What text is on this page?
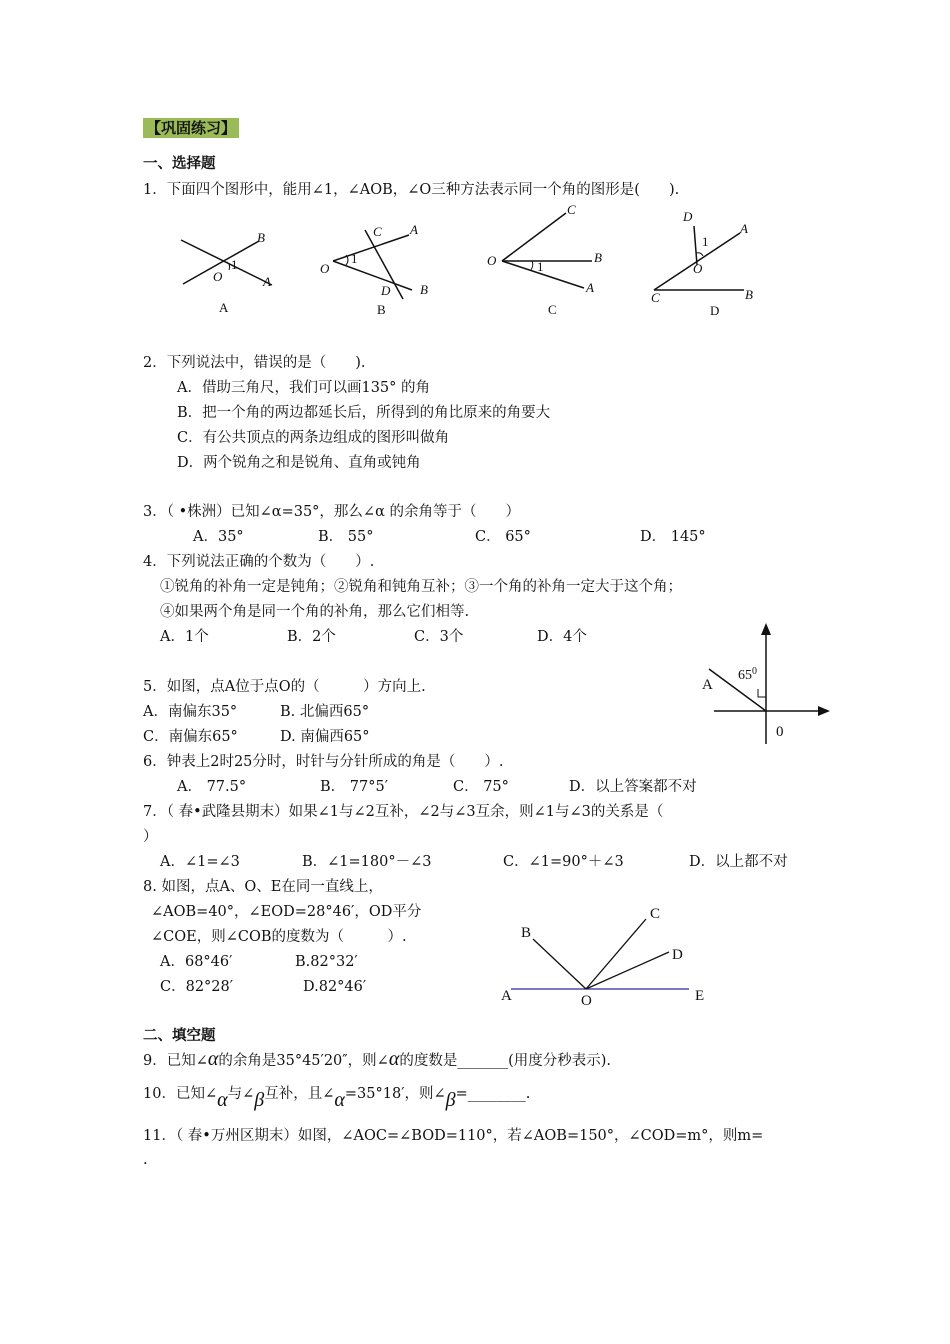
【巩固练习】
一、选择题
1．下面四个图形中，能用∠1，∠AOB，∠O三种方法表示同一个角的图形是(　　).
B
1
O	A
A
C A
O
1
D B
B
C
O	1
B
A
C
D
1
A
O
C	B
D
2．下列说法中，错误的是（　　).
A．借助三角尺，我们可以画135° 的角
B．把一个角的两边都延长后，所得到的角比原来的角要大
C．有公共顶点的两条边组成的图形叫做角
D．两个锐角之和是锐角、直角或钝角
3．（ •株洲）已知∠α=35°，那么∠α 的余角等于（　　）
A．35°	B． 55°	C． 65°	D． 145°
4．下列说法正确的个数为（　　）.
①锐角的补角一定是钝角；②锐角和钝角互补；③一个角的补角一定大于这个角；
④如果两个角是同一个角的补角，那么它们相等.
A．1个	B．2个	C．3个	D．4个
A
$65^0$
0
5．如图，点A位于点O的（　　　）方向上.
A．南偏东35°	B. 北偏西65°
C．南偏东65°	D. 南偏西65°
6．钟表上2时25分时，时针与分针所成的角是（　　）.
A． 77.5°	B． 77°5′	C． 75°	D．以上答案都不对
7．（ 春•武隆县期末）如果∠1与∠2互补，∠2与∠3互余，则∠1与∠3的关系是（
）
A．∠1=∠3	B．∠1=180°－∠3	C．∠1=90°＋∠3	D．以上都不对
8. 如图，点A、O、E在同一直线上，
∠AOB=40°，∠EOD=28°46′，OD平分
∠COE，则∠COB的度数为（　　　）.
A．68°46′	B.82°32′
C．82°28′	D.82°46′
B
C
D
A	O	E
二、填空题
9．已知∠α的余角是35°45′20″，则∠α的度数是_______(用度分秒表示).
10．已知∠α与∠β互补，且∠α=35°18′，则∠β=________.
11．（ 春•万州区期末）如图，∠AOC=∠BOD=110°，若∠AOB=150°，∠COD=m°，则m=
.
